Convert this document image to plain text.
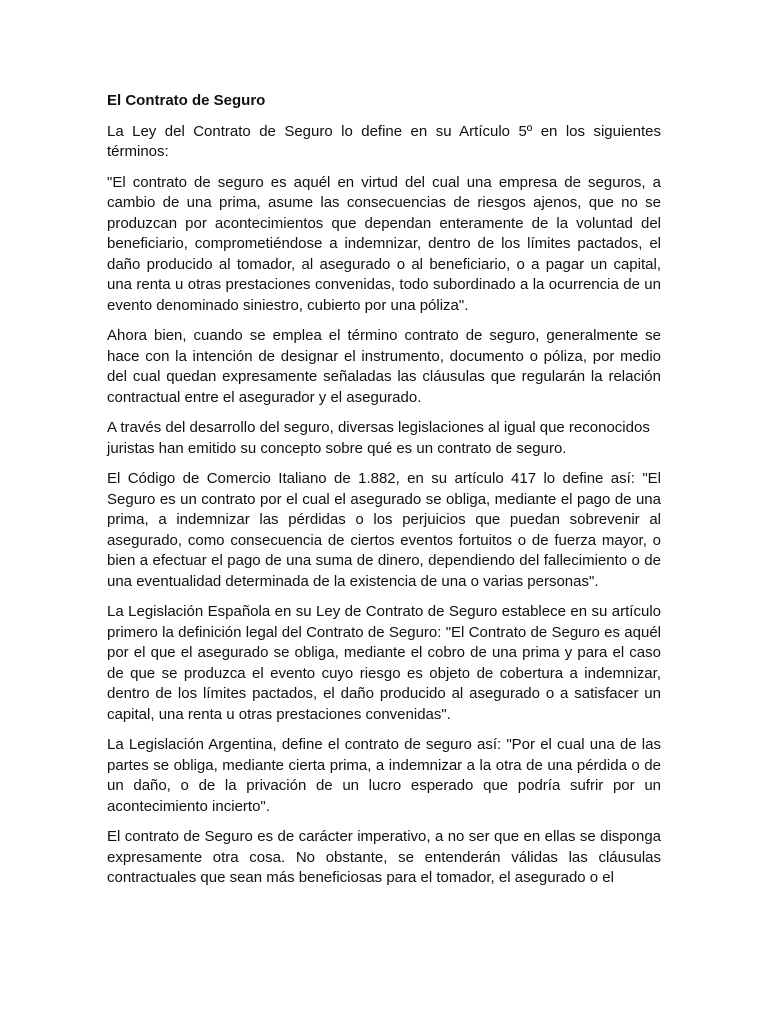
El Contrato de Seguro

La Ley del Contrato de Seguro lo define en su Artículo 5º en los siguientes términos:

"El contrato de seguro es aquél en virtud del cual una empresa de seguros, a cambio de una prima, asume las consecuencias de riesgos ajenos, que no se produzcan por acontecimientos que dependan enteramente de la voluntad del beneficiario, comprometiéndose a indemnizar, dentro de los límites pactados, el daño producido al tomador, al asegurado o al beneficiario, o a pagar un capital, una renta u otras prestaciones convenidas, todo subordinado a la ocurrencia de un evento denominado siniestro, cubierto por una póliza".

Ahora bien, cuando se emplea el término contrato de seguro, generalmente se hace con la intención de designar el instrumento, documento o póliza, por medio del cual quedan expresamente señaladas las cláusulas que regularán la relación contractual entre el asegurador y el asegurado.

A través del desarrollo del seguro, diversas legislaciones al igual que reconocidos juristas han emitido su concepto sobre qué es un contrato de seguro.

El Código de Comercio Italiano de 1.882, en su artículo 417 lo define así: "El Seguro es un contrato por el cual el asegurado se obliga, mediante el pago de una prima, a indemnizar las pérdidas o los perjuicios que puedan sobrevenir al asegurado, como consecuencia de ciertos eventos fortuitos o de fuerza mayor, o bien a efectuar el pago de una suma de dinero, dependiendo del fallecimiento o de una eventualidad determinada de la existencia de una o varias personas".

La Legislación Española en su Ley de Contrato de Seguro establece en su artículo primero la definición legal del Contrato de Seguro: "El Contrato de Seguro es aquél por el que el asegurado se obliga, mediante el cobro de una prima y para el caso de que se produzca el evento cuyo riesgo es objeto de cobertura a indemnizar, dentro de los límites pactados, el daño producido al asegurado o a satisfacer un capital, una renta u otras prestaciones convenidas".

La Legislación Argentina, define el contrato de seguro así: "Por el cual una de las partes se obliga, mediante cierta prima, a indemnizar a la otra de una pérdida o de un daño, o de la privación de un lucro esperado que podría sufrir por un acontecimiento incierto".

El contrato de Seguro es de carácter imperativo, a no ser que en ellas se disponga expresamente otra cosa. No obstante, se entenderán válidas las cláusulas contractuales que sean más beneficiosas para el tomador, el asegurado o el
